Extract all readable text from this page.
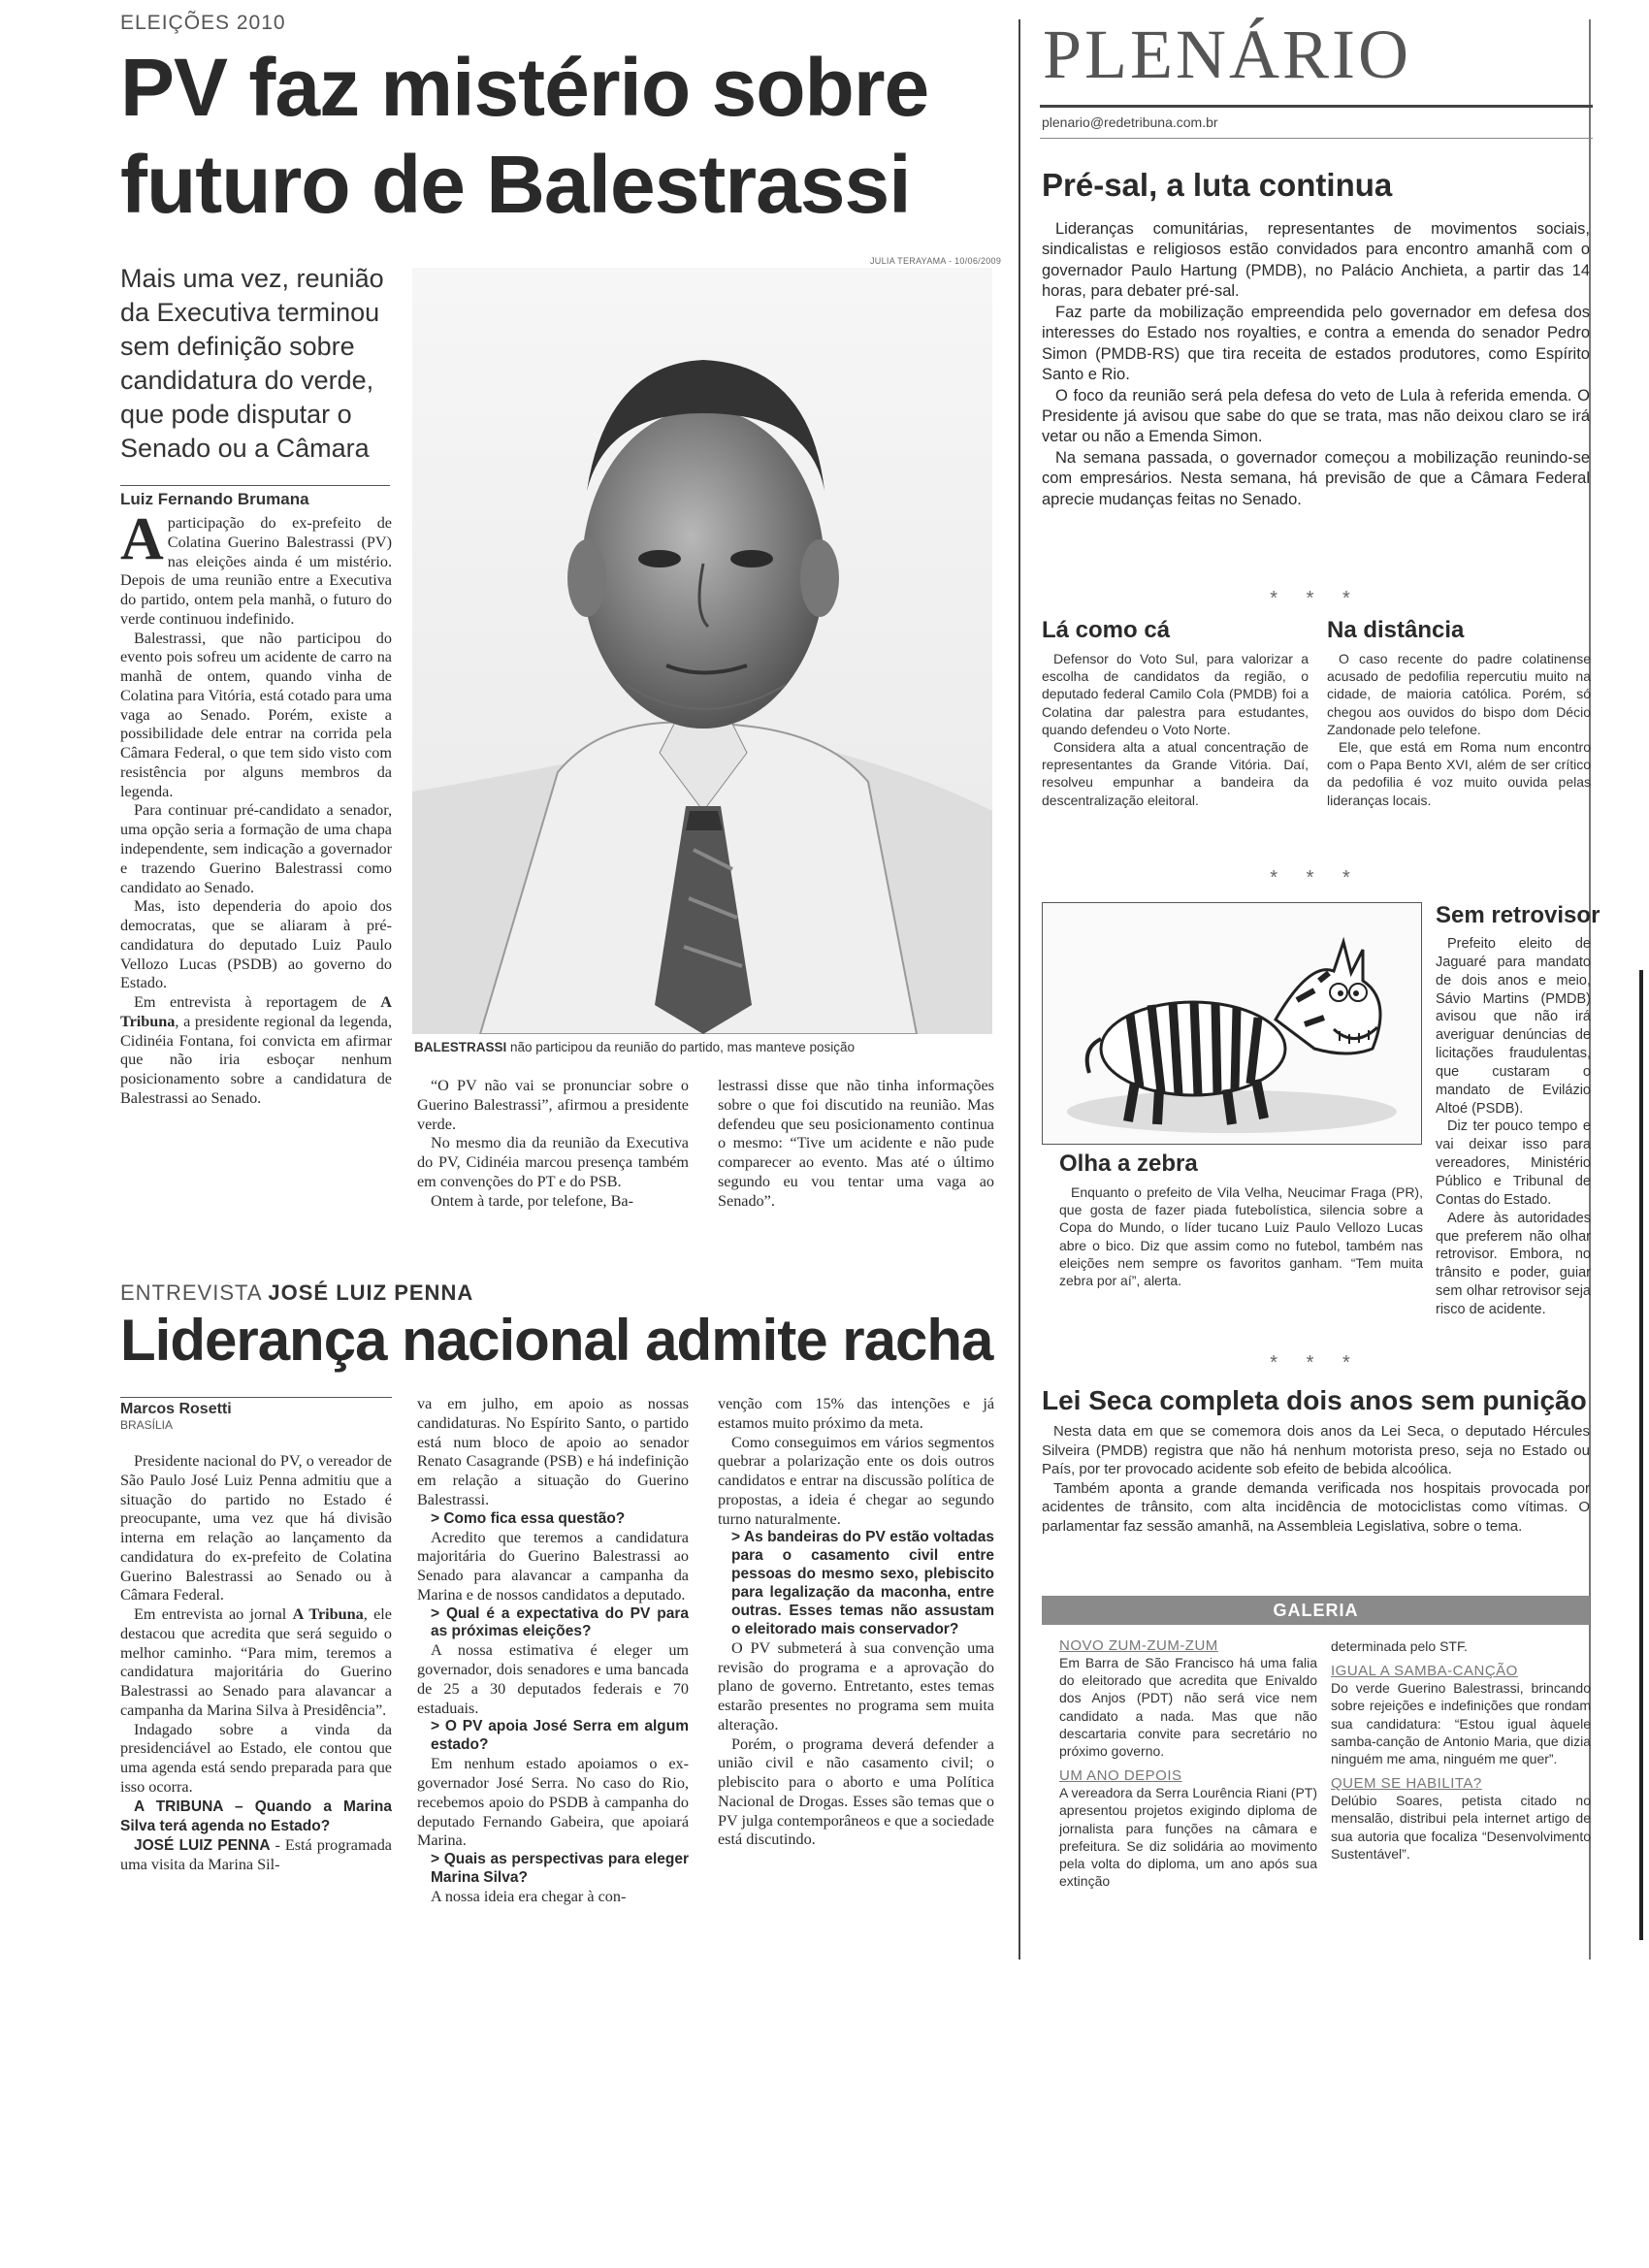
ELEIÇÕES 2010
PV faz mistério sobre
futuro de Balestrassi
Mais uma vez, reunião da Executiva terminou sem definição sobre candidatura do verde, que pode disputar o Senado ou a Câmara
Luiz Fernando Brumana
JULIA TERAYAMA - 10/06/2009
BALESTRASSI não participou da reunião do partido, mas manteve posição

Aparticipação do ex-prefeito de Colatina Guerino Balestrassi (PV) nas eleições ainda é um mistério. Depois de uma reunião entre a Executiva do partido, ontem pela manhã, o futuro do verde continuou indefinido.

Balestrassi, que não participou do evento pois sofreu um acidente de carro na manhã de ontem, quando vinha de Colatina para Vitória, está cotado para uma vaga ao Senado. Porém, existe a possibilidade dele entrar na corrida pela Câmara Federal, o que tem sido visto com resistência por alguns membros da legenda.

Para continuar pré-candidato a senador, uma opção seria a formação de uma chapa independente, sem indicação a governador e trazendo Guerino Balestrassi como candidato ao Senado.

Mas, isto dependeria do apoio dos democratas, que se aliaram à pré-candidatura do deputado Luiz Paulo Vellozo Lucas (PSDB) ao governo do Estado.

Em entrevista à reportagem de A Tribuna, a presidente regional da legenda, Cidinéia Fontana, foi convicta em afirmar que não iria esboçar nenhum posicionamento sobre a candidatura de Balestrassi ao Senado.

“O PV não vai se pronunciar sobre o Guerino Balestrassi”, afirmou a presidente verde.

No mesmo dia da reunião da Executiva do PV, Cidinéia marcou presença também em convenções do PT e do PSB.

Ontem à tarde, por telefone, Ba-

lestrassi disse que não tinha informações sobre o que foi discutido na reunião. Mas defendeu que seu posicionamento continua o mesmo: “Tive um acidente e não pude comparecer ao evento. Mas até o último segundo eu vou tentar uma vaga ao Senado”.

ENTREVISTA JOSÉ LUIZ PENNA
Liderança nacional admite racha
Marcos Rosetti
BRASÍLIA

Presidente nacional do PV, o vereador de São Paulo José Luiz Penna admitiu que a situação do partido no Estado é preocupante, uma vez que há divisão interna em relação ao lançamento da candidatura do ex-prefeito de Colatina Guerino Balestrassi ao Senado ou à Câmara Federal.

Em entrevista ao jornal A Tribuna, ele destacou que acredita que será seguido o melhor caminho. “Para mim, teremos a candidatura majoritária do Guerino Balestrassi ao Senado para alavancar a campanha da Marina Silva à Presidência”.

Indagado sobre a vinda da presidenciável ao Estado, ele contou que uma agenda está sendo preparada para que isso ocorra.

A TRIBUNA – Quando a Marina Silva terá agenda no Estado?

JOSÉ LUIZ PENNA - Está programada uma visita da Marina Sil-

va em julho, em apoio as nossas candidaturas. No Espírito Santo, o partido está num bloco de apoio ao senador Renato Casagrande (PSB) e há indefinição em relação a situação do Guerino Balestrassi.

> Como fica essa questão?

Acredito que teremos a candidatura majoritária do Guerino Balestrassi ao Senado para alavancar a campanha da Marina e de nossos candidatos a deputado.

> Qual é a expectativa do PV para as próximas eleições?

A nossa estimativa é eleger um governador, dois senadores e uma bancada de 25 a 30 deputados federais e 70 estaduais.

> O PV apoia José Serra em algum estado?

Em nenhum estado apoiamos o ex-governador José Serra. No caso do Rio, recebemos apoio do PSDB à campanha do deputado Fernando Gabeira, que apoiará Marina.

> Quais as perspectivas para eleger Marina Silva?

A nossa ideia era chegar à con-

venção com 15% das intenções e já estamos muito próximo da meta.

Como conseguimos em vários segmentos quebrar a polarização ente os dois outros candidatos e entrar na discussão política de propostas, a ideia é chegar ao segundo turno naturalmente.

> As bandeiras do PV estão voltadas para o casamento civil entre pessoas do mesmo sexo, plebiscito para legalização da maconha, entre outras. Esses temas não assustam o eleitorado mais conservador?

O PV submeterá à sua convenção uma revisão do programa e a aprovação do plano de governo. Entretanto, estes temas estarão presentes no programa sem muita alteração.

Porém, o programa deverá defender a união civil e não casamento civil; o plebiscito para o aborto e uma Política Nacional de Drogas. Esses são temas que o PV julga contemporâneos e que a sociedade está discutindo.

PLENÁRIO
plenario@redetribuna.com.br
Pré-sal, a luta continua

Lideranças comunitárias, representantes de movimentos sociais, sindicalistas e religiosos estão convidados para encontro amanhã com o governador Paulo Hartung (PMDB), no Palácio Anchieta, a partir das 14 horas, para debater pré-sal.

Faz parte da mobilização empreendida pelo governador em defesa dos interesses do Estado nos royalties, e contra a emenda do senador Pedro Simon (PMDB-RS) que tira receita de estados produtores, como Espírito Santo e Rio.

O foco da reunião será pela defesa do veto de Lula à referida emenda. O Presidente já avisou que sabe do que se trata, mas não deixou claro se irá vetar ou não a Emenda Simon.

Na semana passada, o governador começou a mobilização reunindo-se com empresários. Nesta semana, há previsão de que a Câmara Federal aprecie mudanças feitas no Senado.

* * *
Lá como cá

Defensor do Voto Sul, para valorizar a escolha de candidatos da região, o deputado federal Camilo Cola (PMDB) foi a Colatina dar palestra para estudantes, quando defendeu o Voto Norte.

Considera alta a atual concentração de representantes da Grande Vitória. Daí, resolveu empunhar a bandeira da descentralização eleitoral.

Na distância

O caso recente do padre colatinense acusado de pedofilia repercutiu muito na cidade, de maioria católica. Porém, só chegou aos ouvidos do bispo dom Décio Zandonade pelo telefone.

Ele, que está em Roma num encontro com o Papa Bento XVI, além de ser crítico da pedofilia é voz muito ouvida pelas lideranças locais.

* * *
Olha a zebra

Enquanto o prefeito de Vila Velha, Neucimar Fraga (PR), que gosta de fazer piada futebolística, silencia sobre a Copa do Mundo, o líder tucano Luiz Paulo Vellozo Lucas abre o bico. Diz que assim como no futebol, também nas eleições nem sempre os favoritos ganham. “Tem muita zebra por aí”, alerta.

Sem retrovisor

Prefeito eleito de Jaguaré para mandato de dois anos e meio, Sávio Martins (PMDB) avisou que não irá averiguar denúncias de licitações fraudulentas, que custaram o mandato de Evilázio Altoé (PSDB).

Diz ter pouco tempo e vai deixar isso para vereadores, Ministério Público e Tribunal de Contas do Estado.

Adere às autoridades que preferem não olhar retrovisor. Embora, no trânsito e poder, guiar sem olhar retrovisor seja risco de acidente.

* * *
Lei Seca completa dois anos sem punição

Nesta data em que se comemora dois anos da Lei Seca, o deputado Hércules Silveira (PMDB) registra que não há nenhum motorista preso, seja no Estado ou País, por ter provocado acidente sob efeito de bebida alcoólica.

Também aponta a grande demanda verificada nos hospitais provocada por acidentes de trânsito, com alta incidência de motociclistas como vítimas. O parlamentar faz sessão amanhã, na Assembleia Legislativa, sobre o tema.

GALERIA
NOVO ZUM-ZUM-ZUM
Em Barra de São Francisco há uma falia do eleitorado que acredita que Enivaldo dos Anjos (PDT) não será vice nem candidato a nada. Mas que não descartaria convite para secretário no próximo governo.
UM ANO DEPOIS
A vereadora da Serra Lourência Riani (PT) apresentou projetos exigindo diploma de jornalista para funções na câmara e prefeitura. Se diz solidária ao movimento pela volta do diploma, um ano após sua extinção
determinada pelo STF.
IGUAL A SAMBA-CANÇÃO
Do verde Guerino Balestrassi, brincando sobre rejeições e indefinições que rondam sua candidatura: “Estou igual àquele samba-canção de Antonio Maria, que dizia ninguém me ama, ninguém me quer”.
QUEM SE HABILITA?
Delúbio Soares, petista citado no mensalão, distribui pela internet artigo de sua autoria que focaliza “Desenvolvimento Sustentável”.
